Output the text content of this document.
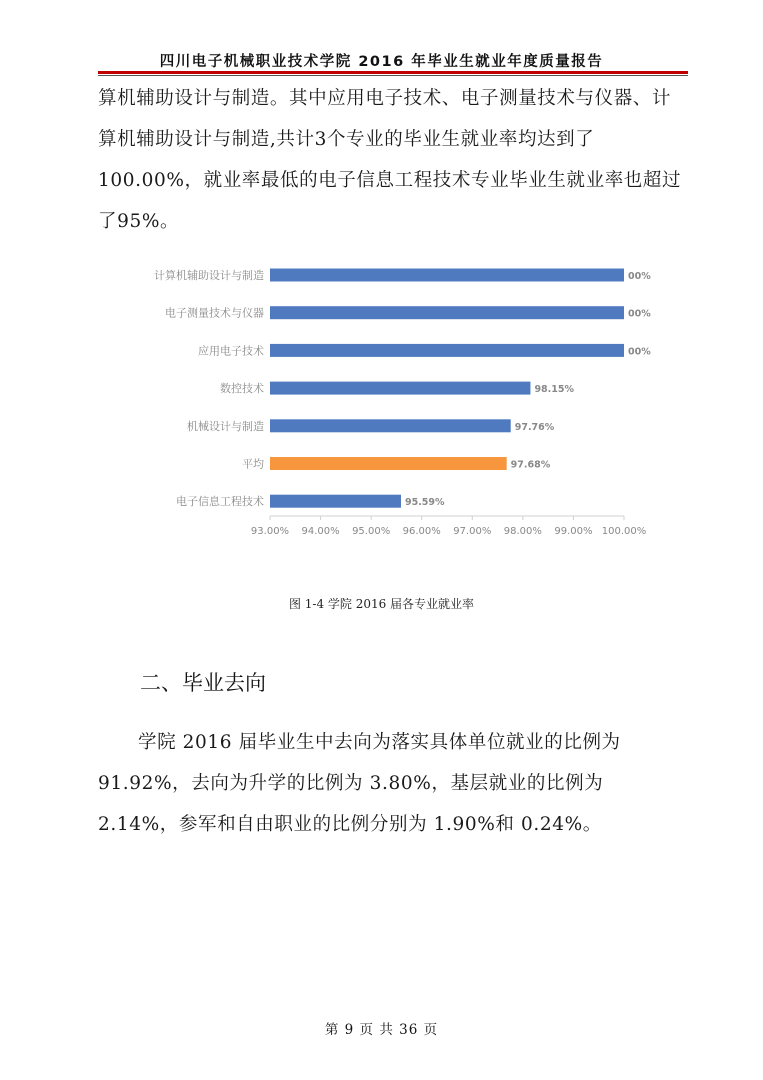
四川电子机械职业技术学院 2016 年毕业生就业年度质量报告

算机辅助设计与制造。其中应用电子技术、电子测量技术与仪器、计算机辅助设计与制造,共计3个专业的毕业生就业率均达到了100.00%，就业率最低的电子信息工程技术专业毕业生就业率也超过了95%。

93.00% 94.00% 95.00% 96.00% 97.00% 98.00% 99.00% 100.00%
计算机辅助设计与制造	00%
电子测量技术与仪器	00%
应用电子技术	00%
数控技术	98.15%
机械设计与制造	97.76%
平均	97.68%
电子信息工程技术	95.59%
图 1-4 学院 2016 届各专业就业率
二、毕业去向

学院 2016 届毕业生中去向为落实具体单位就业的比例为 91.92%，去向为升学的比例为 3.80%，基层就业的比例为 2.14%，参军和自由职业的比例分别为 1.90%和 0.24%。

第 9 页 共 36 页
